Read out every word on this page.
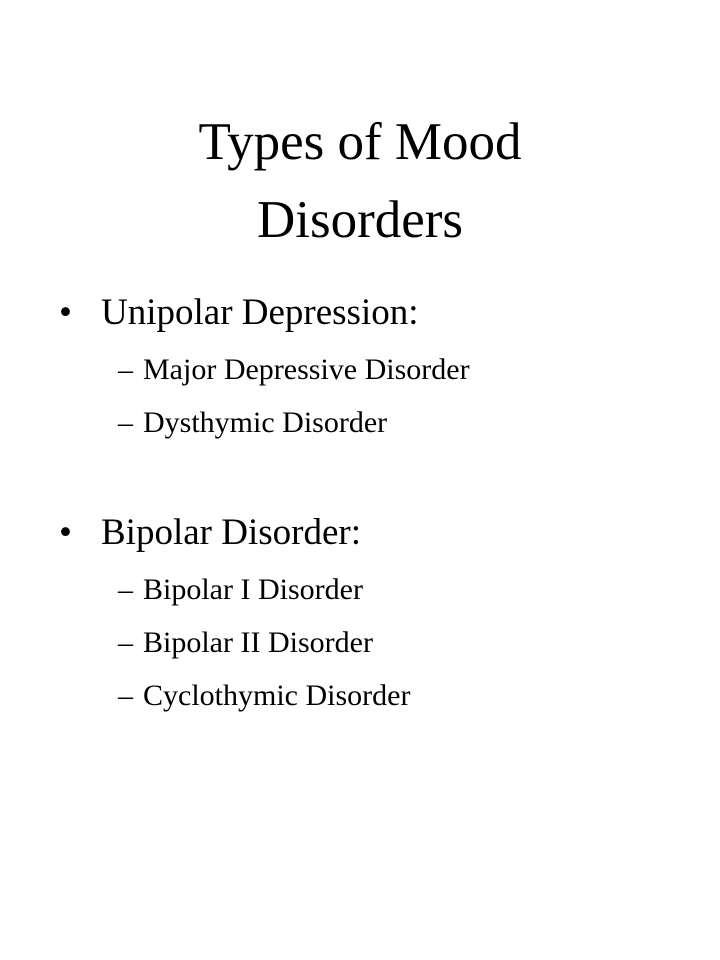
Types of Mood
Disorders
• Unipolar Depression:
– Major Depressive Disorder
– Dysthymic Disorder
• Bipolar Disorder:
– Bipolar I Disorder
– Bipolar II Disorder
– Cyclothymic Disorder
